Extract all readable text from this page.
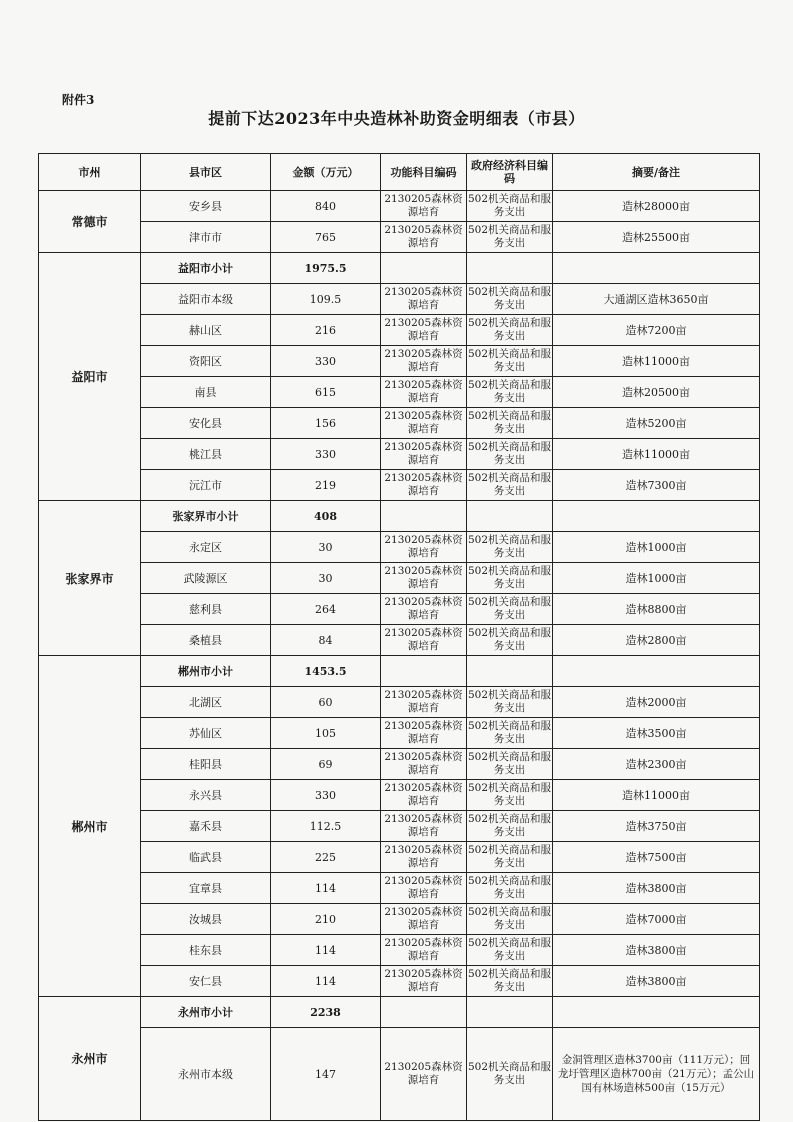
附件3
提前下达2023年中央造林补助资金明细表（市县）
市州	县市区	金额（万元）	功能科目编码	政府经济科目编码	摘要/备注
常德市	安乡县	840	2130205森林资源培育	502机关商品和服务支出	造林28000亩
	津市市	765	2130205森林资源培育	502机关商品和服务支出	造林25500亩
益阳市	益阳市小计	1975.5			
	益阳市本级	109.5	2130205森林资源培育	502机关商品和服务支出	大通湖区造林3650亩
	赫山区	216	2130205森林资源培育	502机关商品和服务支出	造林7200亩
	资阳区	330	2130205森林资源培育	502机关商品和服务支出	造林11000亩
	南县	615	2130205森林资源培育	502机关商品和服务支出	造林20500亩
	安化县	156	2130205森林资源培育	502机关商品和服务支出	造林5200亩
	桃江县	330	2130205森林资源培育	502机关商品和服务支出	造林11000亩
	沅江市	219	2130205森林资源培育	502机关商品和服务支出	造林7300亩
张家界市	张家界市小计	408			
	永定区	30	2130205森林资源培育	502机关商品和服务支出	造林1000亩
	武陵源区	30	2130205森林资源培育	502机关商品和服务支出	造林1000亩
	慈利县	264	2130205森林资源培育	502机关商品和服务支出	造林8800亩
	桑植县	84	2130205森林资源培育	502机关商品和服务支出	造林2800亩
郴州市	郴州市小计	1453.5			
	北湖区	60	2130205森林资源培育	502机关商品和服务支出	造林2000亩
	苏仙区	105	2130205森林资源培育	502机关商品和服务支出	造林3500亩
	桂阳县	69	2130205森林资源培育	502机关商品和服务支出	造林2300亩
	永兴县	330	2130205森林资源培育	502机关商品和服务支出	造林11000亩
	嘉禾县	112.5	2130205森林资源培育	502机关商品和服务支出	造林3750亩
	临武县	225	2130205森林资源培育	502机关商品和服务支出	造林7500亩
	宜章县	114	2130205森林资源培育	502机关商品和服务支出	造林3800亩
	汝城县	210	2130205森林资源培育	502机关商品和服务支出	造林7000亩
	桂东县	114	2130205森林资源培育	502机关商品和服务支出	造林3800亩
	安仁县	114	2130205森林资源培育	502机关商品和服务支出	造林3800亩
永州市	永州市小计	2238			
	永州市本级	147	2130205森林资源培育	502机关商品和服务支出	金洞管理区造林3700亩（111万元）；回龙圩管理区造林700亩（21万元）；孟公山国有林场造林500亩（15万元）
